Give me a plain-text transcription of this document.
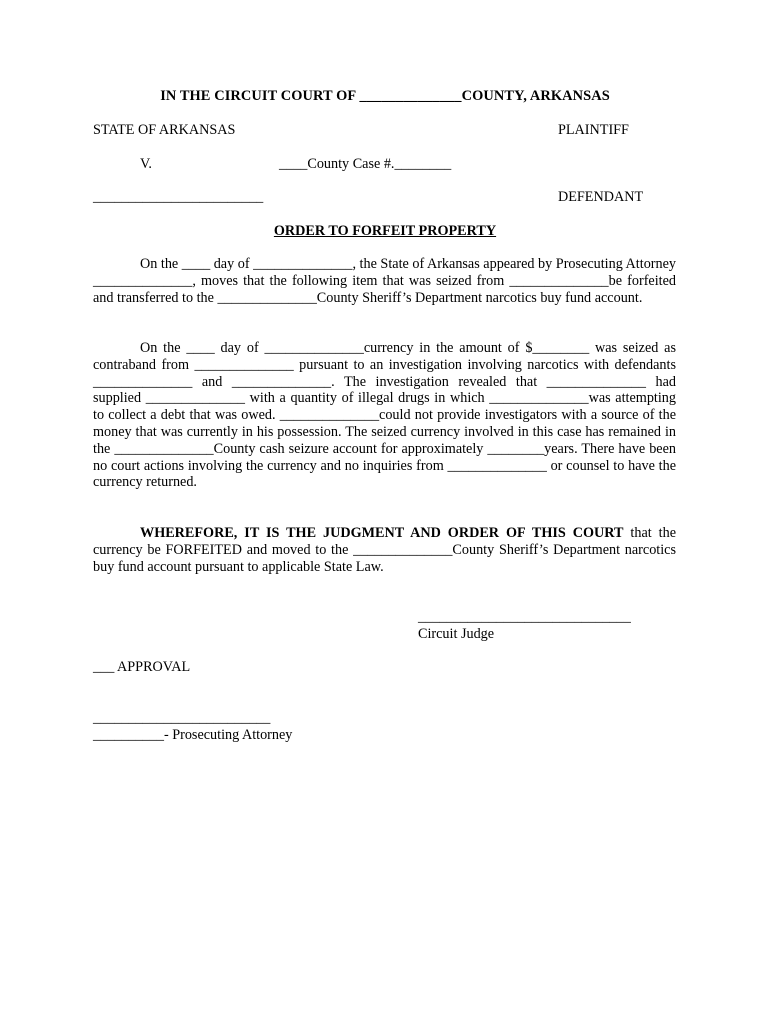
IN THE CIRCUIT COURT OF ______________COUNTY, ARKANSAS
STATE OF ARKANSAS	PLAINTIFF
V.	____County Case #.________
________________________	DEFENDANT
ORDER TO FORFEIT PROPERTY

On the ____ day of ______________, the State of Arkansas appeared by Prosecuting Attorney ______________, moves that the following item that was seized from ______________be forfeited and transferred to the ______________County Sheriff’s Department narcotics buy fund account.

On the ____ day of ______________currency in the amount of $________ was seized as contraband from ______________ pursuant to an investigation involving narcotics with defendants ______________ and ______________. The investigation revealed that ______________ had supplied ______________ with a quantity of illegal drugs in which ______________was attempting to collect a debt that was owed. ______________could not provide investigators with a source of the money that was currently in his possession. The seized currency involved in this case has remained in the ______________County cash seizure account for approximately ________years. There have been no court actions involving the currency and no inquiries from ______________ or counsel to have the currency returned.

WHEREFORE, IT IS THE JUDGMENT AND ORDER OF THIS COURT that the currency be FORFEITED and moved to the ______________County Sheriff’s Department narcotics buy fund account pursuant to applicable State Law.

______________________________
Circuit Judge
___ APPROVAL
_________________________
__________- Prosecuting Attorney
